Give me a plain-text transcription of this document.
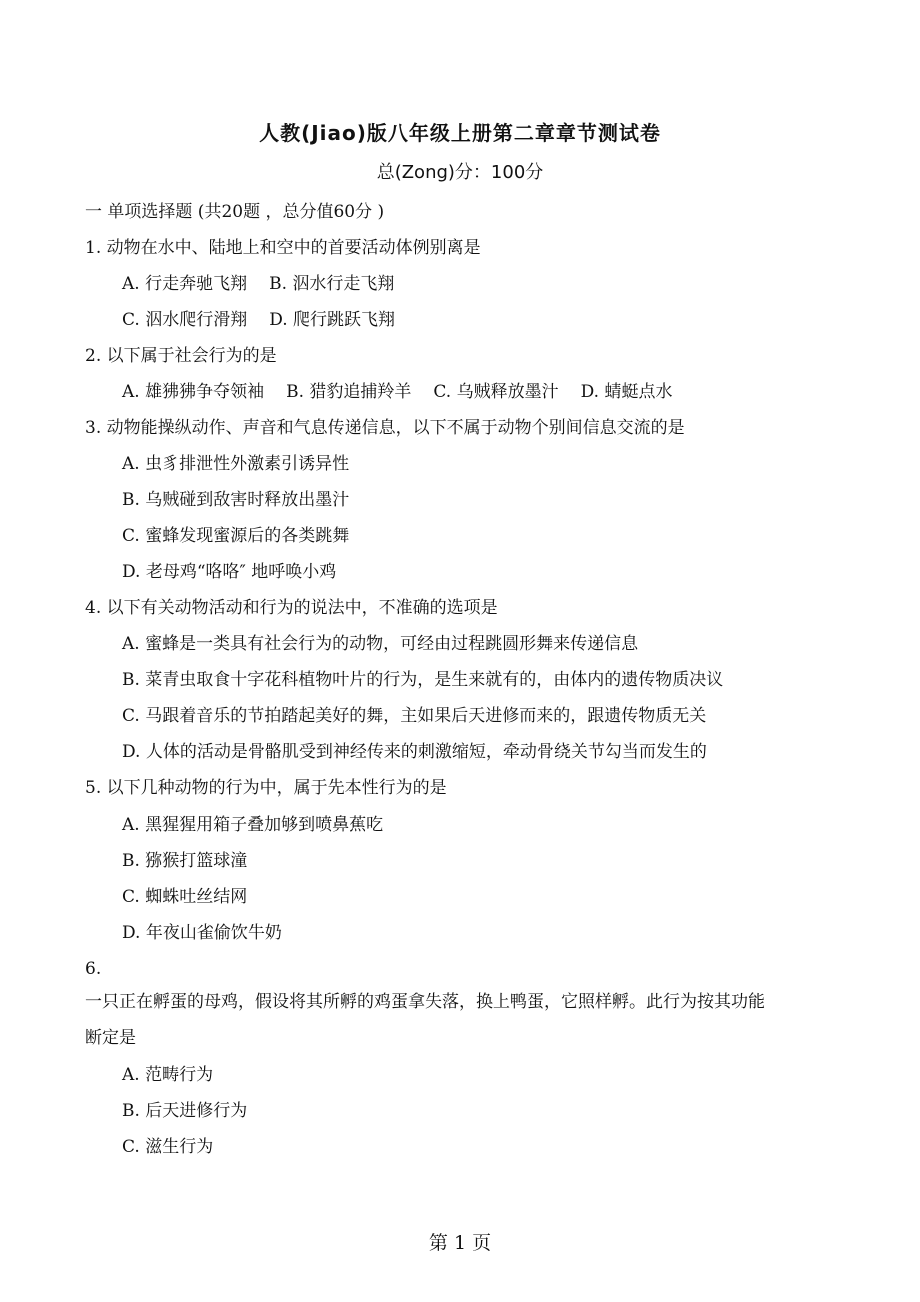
人教(Jiao)版八年级上册第二章章节测试卷
总(Zong)分：100分
一 单项选择题 (共20题 ，总分值60分 )
1. 动物在水中、陆地上和空中的首要活动体例别离是
A. 行走奔驰飞翔 B. 泅水行走飞翔
C. 泅水爬行滑翔 D. 爬行跳跃飞翔
2. 以下属于社会行为的是
A. 雄狒狒争夺领袖 B. 猎豹追捕羚羊 C. 乌贼释放墨汁 D. 蜻蜓点水
3. 动物能操纵动作、声音和气息传递信息，以下不属于动物个别间信息交流的是
A. 虫豸排泄性外激素引诱异性
B. 乌贼碰到敌害时释放出墨汁
C. 蜜蜂发现蜜源后的各类跳舞
D. 老母鸡“咯咯″ 地呼唤小鸡
4. 以下有关动物活动和行为的说法中，不准确的选项是
A. 蜜蜂是一类具有社会行为的动物，可经由过程跳圆形舞来传递信息
B. 菜青虫取食十字花科植物叶片的行为，是生来就有的，由体内的遗传物质决议
C. 马跟着音乐的节拍踏起美好的舞，主如果后天进修而来的，跟遗传物质无关
D. 人体的活动是骨骼肌受到神经传来的刺激缩短，牵动骨绕关节勾当而发生的
5. 以下几种动物的行为中，属于先本性行为的是
A. 黑猩猩用箱子叠加够到喷鼻蕉吃
B. 猕猴打篮球潼
C. 蜘蛛吐丝结网
D. 年夜山雀偷饮牛奶
6.
一只正在孵蛋的母鸡，假设将其所孵的鸡蛋拿失落，换上鸭蛋，它照样孵。此行为按其功能
断定是
A. 范畴行为
B. 后天进修行为
C. 滋生行为
第 1 页
